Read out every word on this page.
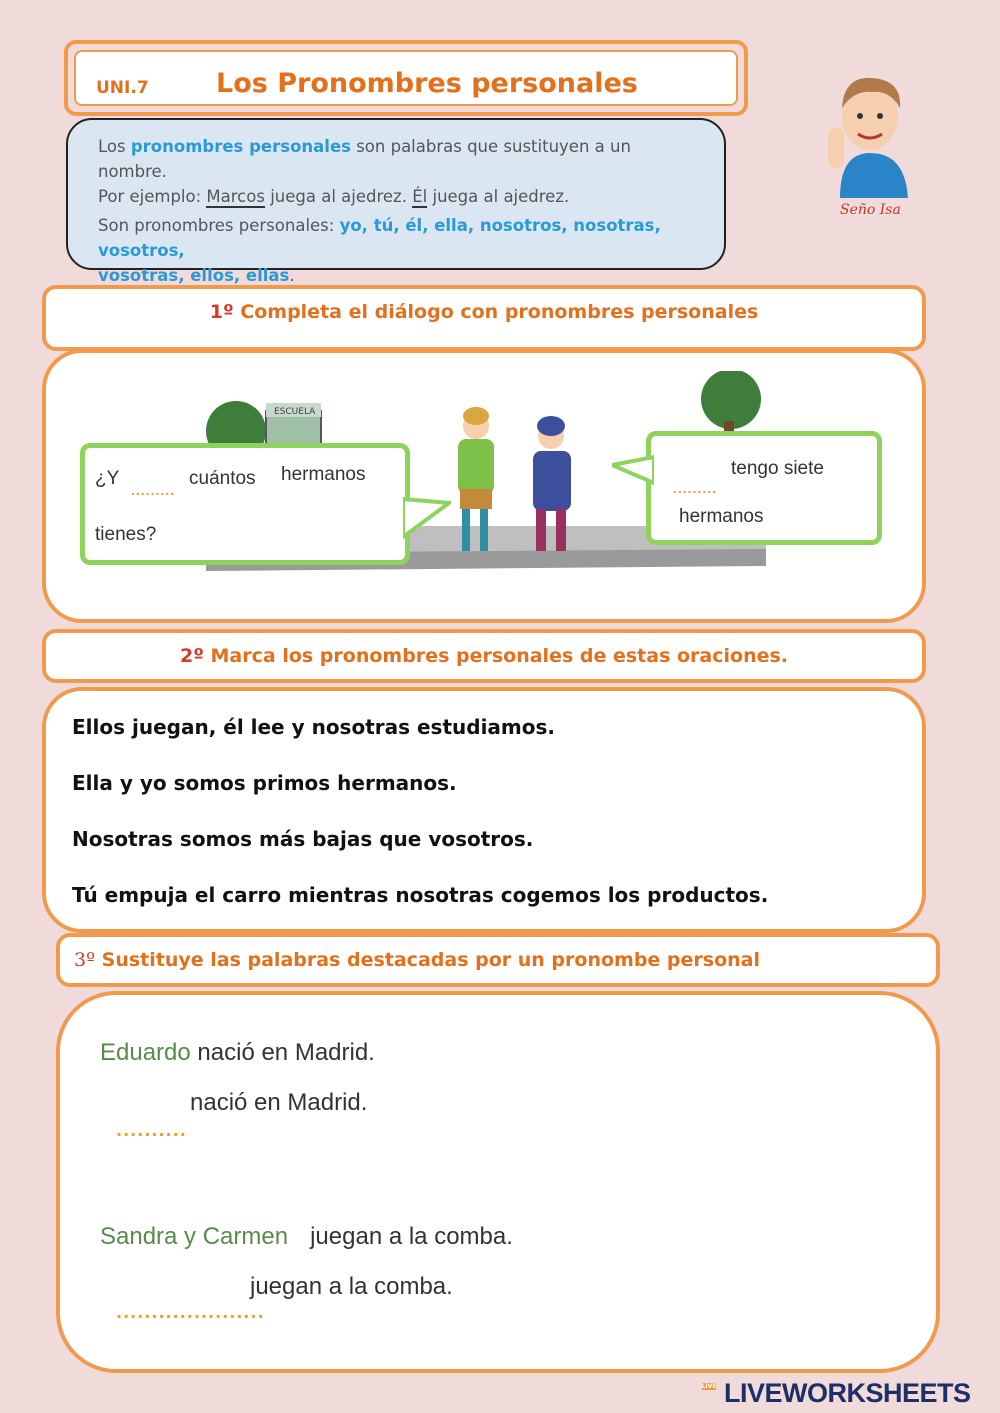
UNI.7 Los Pronombres personales
Los pronombres personales son palabras que sustituyen a un nombre.
Por ejemplo: Marcos juega al ajedrez. Él juega al ajedrez.
Son pronombres personales: yo, tú, él, ella, nosotros, nosotras, vosotros,
vosotras, ellos, ellas.
Seño Isa
1º Completa el diálogo con pronombres personales
ESCUELA
¿Y
.........
cuántos hermanos
tienes?
tengo siete
.........
hermanos
2º Marca los pronombres personales de estas oraciones.
Ellos juegan, él lee y nosotras estudiamos.
Ella y yo somos primos hermanos.
Nosotras somos más bajas que vosotros.
Tú empuja el carro mientras nosotras cogemos los productos.
3º Sustituye las palabras destacadas por un pronombe personal
Eduardo nació en Madrid.
nació en Madrid.
..........
Sandra y Carmen juegan a la comba.
juegan a la comba.
.....................
LIVE LIVEWORKSHEETS
